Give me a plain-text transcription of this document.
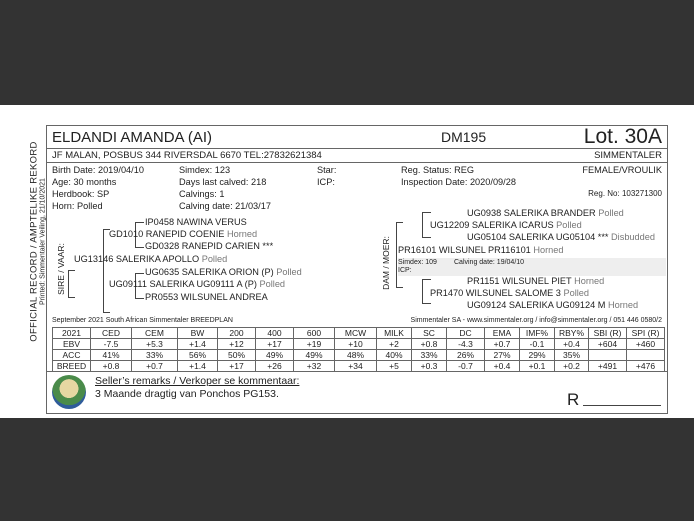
OFFICIAL RECORD / AMPTELIKE REKORD Printed: Simmentaler Veiling, 21/10/2021
ELDANDI AMANDA (AI)	DM195	Lot. 30A
JF MALAN, POSBUS 344 RIVERSDAL 6670 TEL:27832621384	SIMMENTALER
Birth Date: 2019/04/10
Age: 30 months
Herdbook: SP
Horn: Polled
Simdex: 123
Days last calved: 218
Calvings: 1
Calving date: 21/03/17
Star:
ICP:
Reg. Status: REG
Inspection Date: 2020/09/28
FEMALE/VROULIK

Reg. No: 103271300
SIRE / VAAR:
IP0458 NAWINA VERUS
GD1010 RANEPID COENIE Horned
GD0328 RANEPID CARIEN ***
UG13146 SALERIKA APOLLO Polled
UG0635 SALERIKA ORION (P) Polled
UG09111 SALERIKA UG09111 A (P) Polled
PR0553 WILSUNEL ANDREA
DAM / MOER:
UG0938 SALERIKA BRANDER Polled
UG12209 SALERIKA ICARUS Polled
UG05104 SALERIKA UG05104 *** Disbudded
PR16101 WILSUNEL PR116101 Horned
Simdex: 109 Calving date: 19/04/10
ICP:
PR1151 WILSUNEL PIET Horned
PR1470 WILSUNEL SALOME 3 Polled
UG09124 SALERIKA UG09124 M Horned
September 2021 South African Simmentaler BREEDPLAN	Simmentaler SA - www.simmentaler.org / info@simmentaler.org / 051 446 0580/2
2021	CED	CEM	BW	200	400	600	MCW	MILK	SC	DC	EMA	IMF%	RBY%	SBI (R)	SPI (R)
EBV	-7.5	+5.3	+1.4	+12	+17	+19	+10	+2	+0.8	-4.3	+0.7	-0.1	+0.4	+604	+460
ACC	41%	33%	56%	50%	49%	49%	48%	40%	33%	26%	27%	29%	35%		
BREED	+0.8	+0.7	+1.4	+17	+26	+32	+34	+5	+0.3	-0.7	+0.4	+0.1	+0.2	+491	+476
Seller’s remarks / Verkoper se kommentaar:
3 Maande dragtig van Ponchos PG153.	R
